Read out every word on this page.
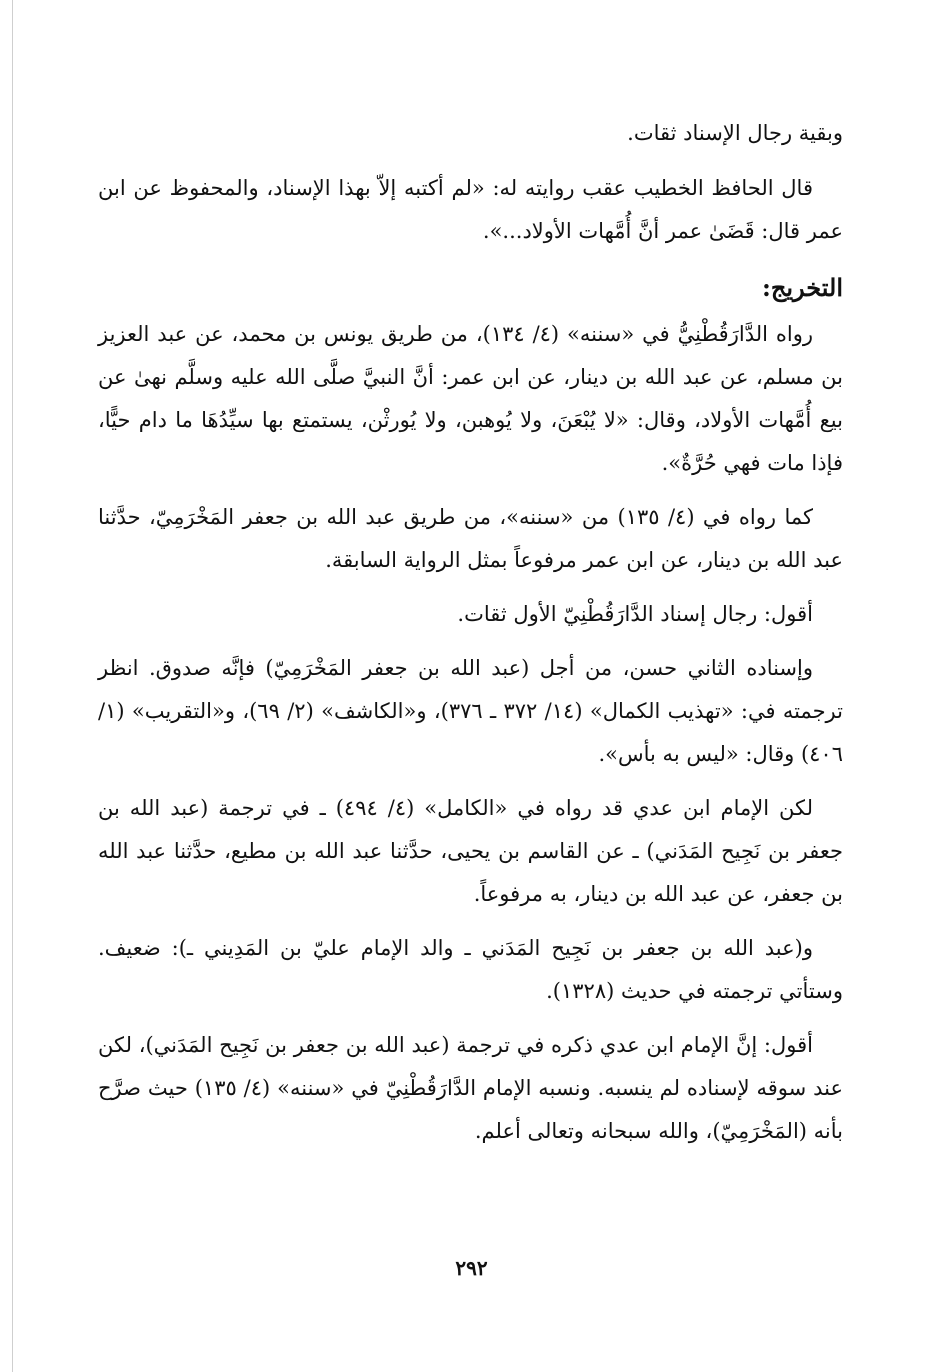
وبقية رجال الإسناد ثقات.

قال الحافظ الخطيب عقب روايته له: «لم أكتبه إلاّ بهذا الإسناد، والمحفوظ عن ابن عمر قال: قَضَىٰ عمر أنَّ أُمَّهات الأولاد...».

التخريج:

رواه الدَّارَقُطْنِيُّ في «سننه» (٤/ ١٣٤)، من طريق يونس بن محمد، عن عبد العزيز بن مسلم، عن عبد الله بن دينار، عن ابن عمر: أنَّ النبيَّ صلَّى الله عليه وسلَّم نهىٰ عن بيع أُمَّهات الأولاد، وقال: «لا يُبْعَنَ، ولا يُوهبن، ولا يُورثْن، يستمتع بها سيِّدُهَا ما دام حيًّا، فإذا مات فهي حُرَّةٌ».

كما رواه في (٤/ ١٣٥) من «سننه»، من طريق عبد الله بن جعفر المَخْرَمِيّ، حدَّثنا عبد الله بن دينار، عن ابن عمر مرفوعاً بمثل الرواية السابقة.

أقول: رجال إسناد الدَّارَقُطْنِيّ الأول ثقات.

وإسناده الثاني حسن، من أجل (عبد الله بن جعفر المَخْرَمِيّ) فإنَّه صدوق. انظر ترجمته في: «تهذيب الكمال» (١٤/ ٣٧٢ ـ ٣٧٦)، و«الكاشف» (٢/ ٦٩)، و«التقريب» (١/ ٤٠٦) وقال: «ليس به بأس».

لكن الإمام ابن عدي قد رواه في «الكامل» (٤/ ٤٩٤) ـ في ترجمة (عبد الله بن جعفر بن نَجِيح المَدَني) ـ عن القاسم بن يحيى، حدَّثنا عبد الله بن مطيع، حدَّثنا عبد الله بن جعفر، عن عبد الله بن دينار، به مرفوعاً.

و(عبد الله بن جعفر بن نَجِيح المَدَني ـ والد الإمام عليّ بن المَدِيني ـ): ضعيف. وستأتي ترجمته في حديث (١٣٢٨).

أقول: إنَّ الإمام ابن عدي ذكره في ترجمة (عبد الله بن جعفر بن نَجِيح المَدَني)، لكن عند سوقه لإسناده لم ينسبه. ونسبه الإمام الدَّارَقُطْنِيّ في «سننه» (٤/ ١٣٥) حيث صرَّح بأنه (المَخْرَمِيّ)، والله سبحانه وتعالى أعلم.

٢٩٢
